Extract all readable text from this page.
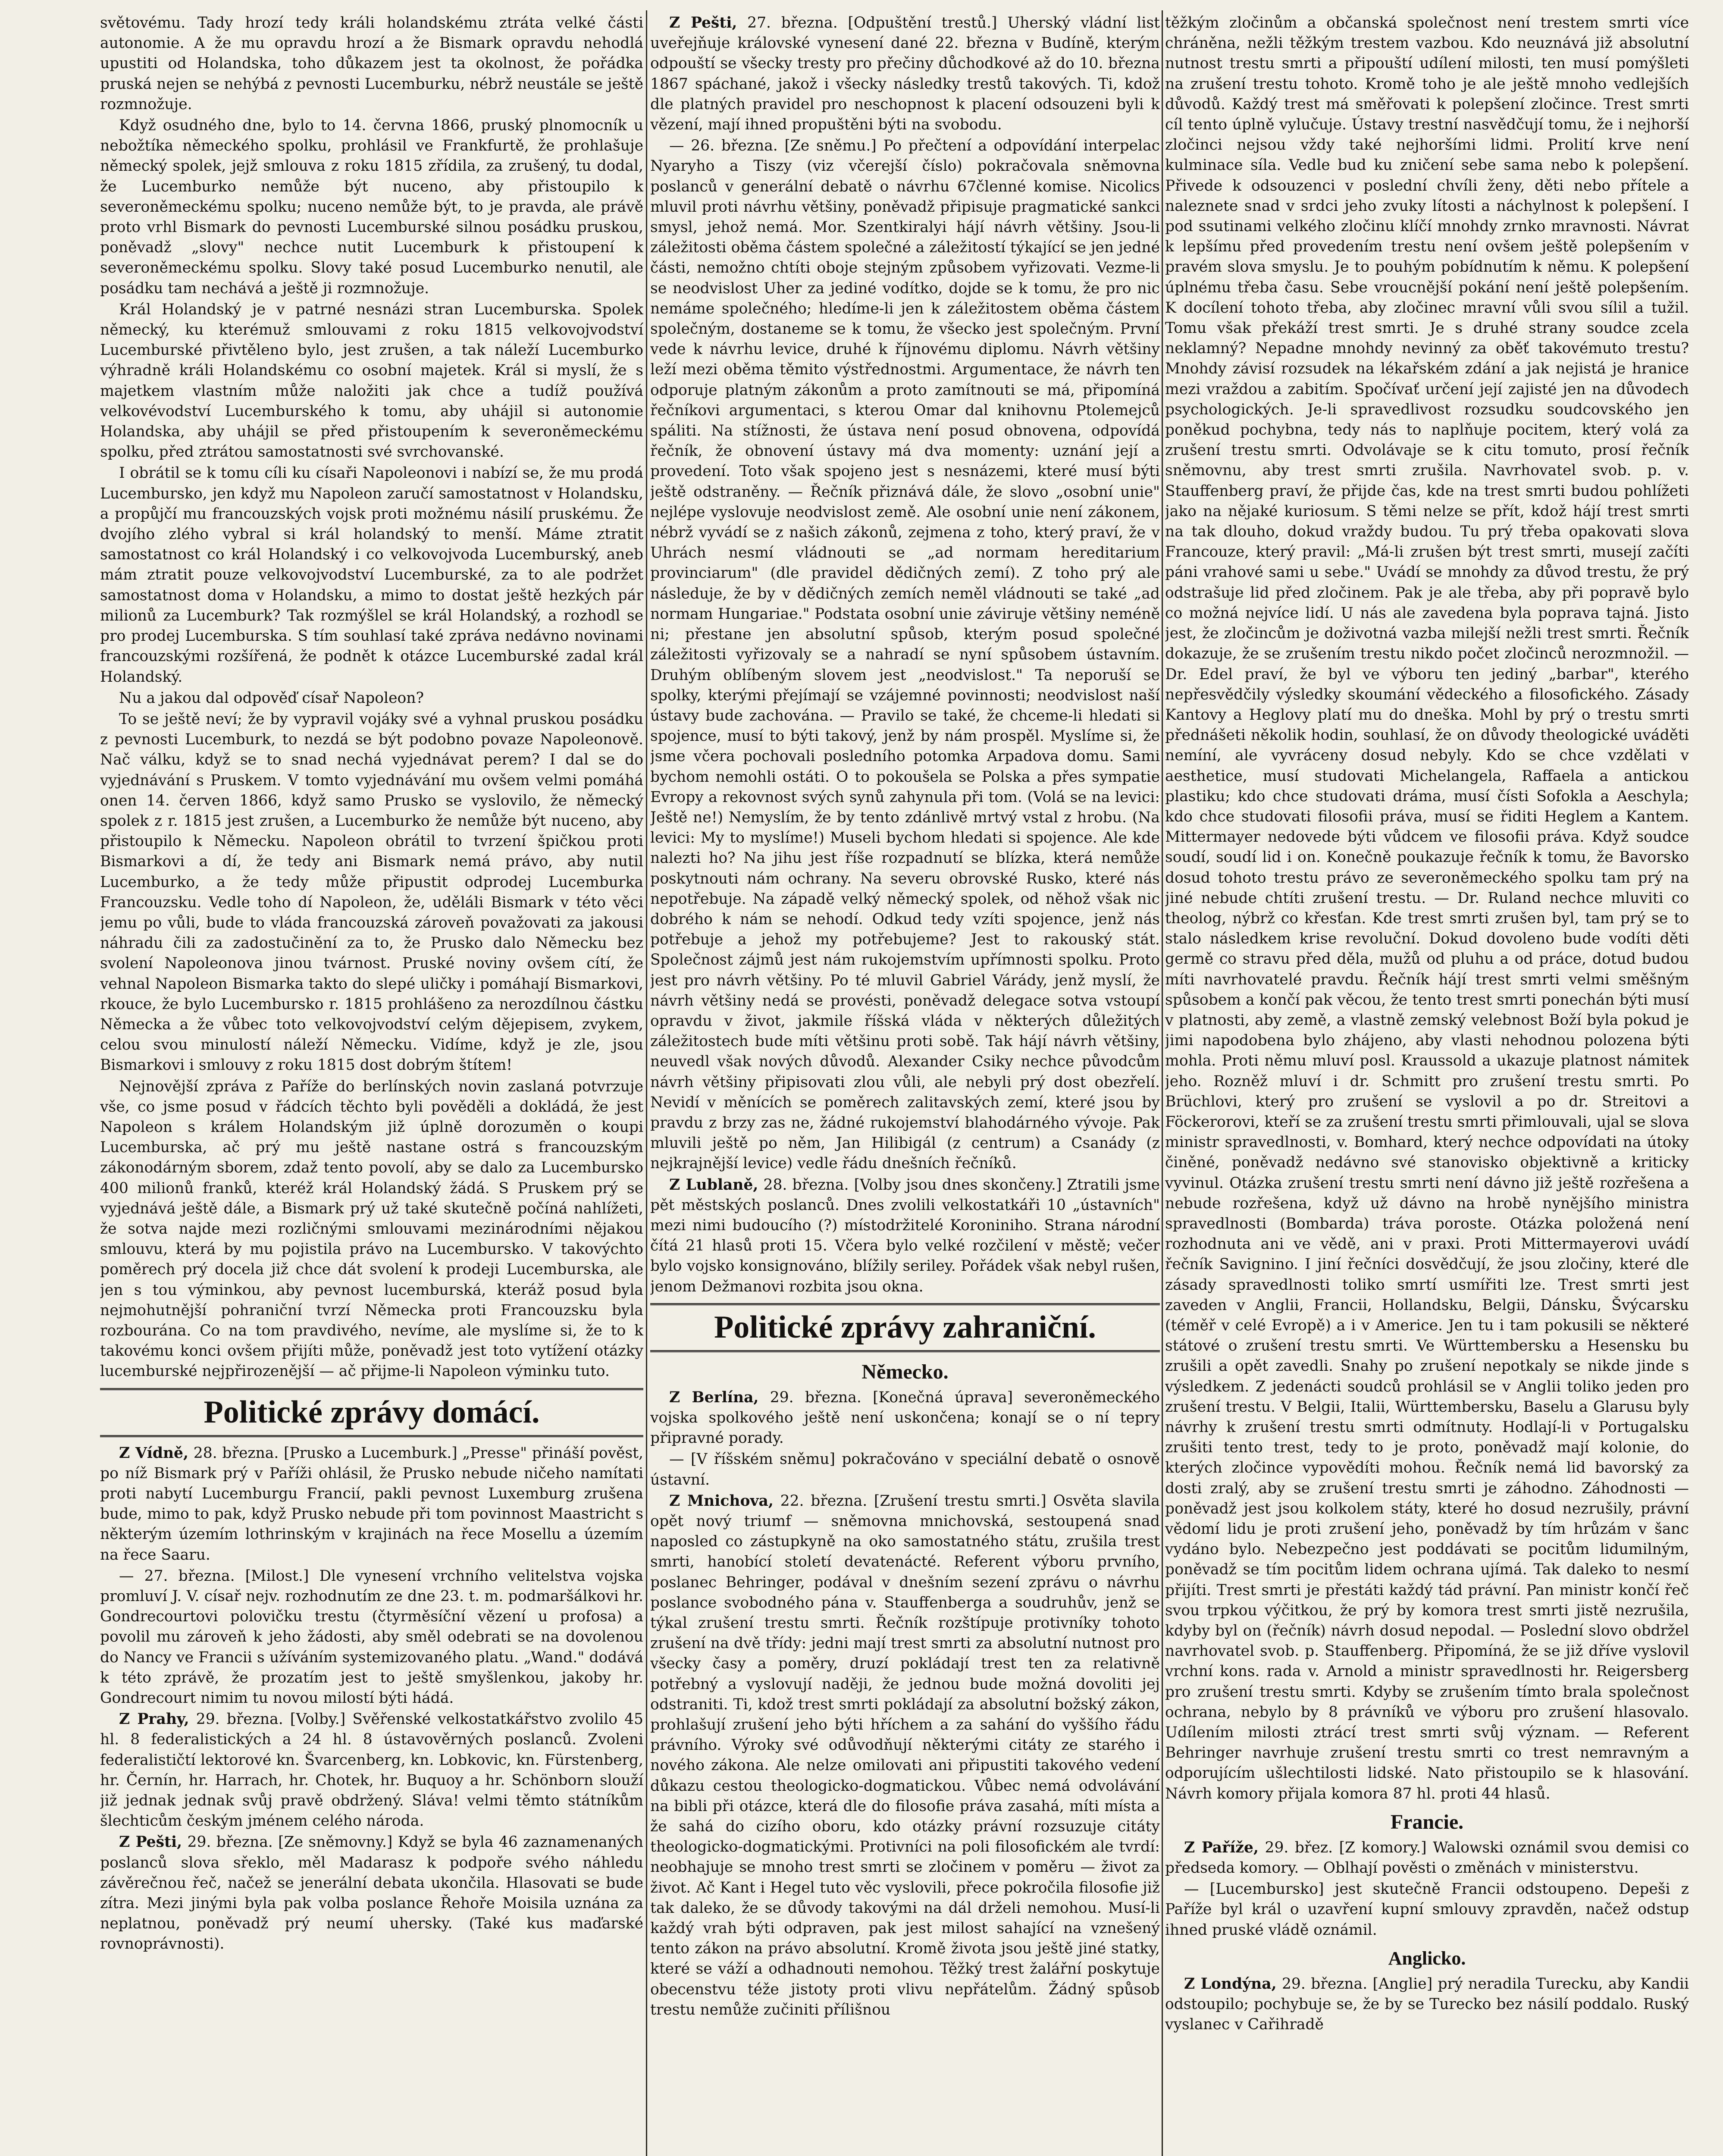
světovému. Tady hrozí tedy králi holandskému ztráta velké části autonomie. A že mu opravdu hrozí a že Bismark opravdu nehodlá upustiti od Holandska, toho důkazem jest ta okolnost, že pořádka pruská nejen se nehýbá z pevnosti Lucemburku, nébrž neustále se ještě rozmnožuje.

Když osudného dne, bylo to 14. června 1866, pruský plnomocník u nebožtíka německého spolku, prohlásil ve Frankfurtě, že prohlašuje německý spolek, jejž smlouva z roku 1815 zřídila, za zrušený, tu dodal, že Lucemburko nemůže být nuceno, aby přistoupilo k severoněmeckému spolku; nuceno nemůže být, to je pravda, ale právě proto vrhl Bismark do pevnosti Lucemburské silnou posádku pruskou, poněvadž „slovy" nechce nutit Lucemburk k přistoupení k severoněmeckému spolku. Slovy také posud Lucemburko nenutil, ale posádku tam nechává a ještě ji rozmnožuje.

Král Holandský je v patrné nesnázi stran Lucemburska. Spolek německý, ku kterémuž smlouvami z roku 1815 velkovojvodství Lucemburské přivtěleno bylo, jest zrušen, a tak náleží Lucemburko výhradně králi Holandskému co osobní majetek. Král si myslí, že s majetkem vlastním může naložiti jak chce a tudíž používá velkovévodství Lucemburského k tomu, aby uhájil si autonomie Holandska, aby uhájil se před přistoupením k severoněmeckému spolku, před ztrátou samostatnosti své svrchovanské.

I obrátil se k tomu cíli ku císaři Napoleonovi i nabízí se, že mu prodá Lucembursko, jen když mu Napoleon zaručí samostatnost v Holandsku, a propůjčí mu francouzských vojsk proti možnému násilí pruskému. Že dvojího zlého vybral si král holandský to menší. Máme ztratit samostatnost co král Holandský i co velkovojvoda Lucemburský, aneb mám ztratit pouze velkovojvodství Lucemburské, za to ale podržet samostatnost doma v Holandsku, a mimo to dostat ještě hezkých pár milionů za Lucemburk? Tak rozmýšlel se král Holandský, a rozhodl se pro prodej Lucemburska. S tím souhlasí také zpráva nedávno novinami francouzskými rozšířená, že podnět k otázce Lucemburské zadal král Holandský.

Nu a jakou dal odpověď císař Napoleon?

To se ještě neví; že by vypravil vojáky své a vyhnal pruskou posádku z pevnosti Lucemburk, to nezdá se být podobno povaze Napoleonově. Nač válku, když se to snad nechá vyjednávat perem? I dal se do vyjednávání s Pruskem. V tomto vyjednávání mu ovšem velmi pomáhá onen 14. červen 1866, když samo Prusko se vyslovilo, že německý spolek z r. 1815 jest zrušen, a Lucemburko že nemůže být nuceno, aby přistoupilo k Německu. Napoleon obrátil to tvrzení špičkou proti Bismarkovi a dí, že tedy ani Bismark nemá právo, aby nutil Lucemburko, a že tedy může připustit odprodej Lucemburka Francouzsku. Vedle toho dí Napoleon, že, uděláli Bismark v této věci jemu po vůli, bude to vláda francouzská zároveň považovati za jakousi náhradu čili za zadostučinění za to, že Prusko dalo Německu bez svolení Napoleonova jinou tvárnost. Pruské noviny ovšem cítí, že vehnal Napoleon Bismarka takto do slepé uličky i pomáhají Bismarkovi, rkouce, že bylo Lucembursko r. 1815 prohlášeno za nerozdílnou částku Německa a že vůbec toto velkovojvodství celým dějepisem, zvykem, celou svou minulostí náleží Německu. Vidíme, když je zle, jsou Bismarkovi i smlouvy z roku 1815 dost dobrým štítem!

Nejnovější zpráva z Paříže do berlínských novin zaslaná potvrzuje vše, co jsme posud v řádcích těchto byli pověděli a dokládá, že jest Napoleon s králem Holandským již úplně dorozuměn o koupi Lucemburska, ač prý mu ještě nastane ostrá s francouzským zákonodárným sborem, zdaž tento povolí, aby se dalo za Lucembursko 400 milionů franků, kteréž král Holandský žádá. S Pruskem prý se vyjednává ještě dále, a Bismark prý už také skutečně počíná nahlížeti, že sotva najde mezi rozličnými smlouvami mezinárodními nějakou smlouvu, která by mu pojistila právo na Lucembursko. V takovýchto poměrech prý docela již chce dát svolení k prodeji Lucemburska, ale jen s tou výminkou, aby pevnost lucemburská, kteráž posud byla nejmohutnější pohraniční tvrzí Německa proti Francouzsku byla rozbourána. Co na tom pravdivého, nevíme, ale myslíme si, že to k takovému konci ovšem přijíti může, poněvadž jest toto vytížení otázky lucemburské nejpřirozenější — ač přijme-li Napoleon výminku tuto.

Politické zprávy domácí.

Z Vídně, 28. března. [Prusko a Lucemburk.] „Presse" přináší pověst, po níž Bismark prý v Paříži ohlásil, že Prusko nebude ničeho namítati proti nabytí Lucemburgu Francií, pakli pevnost Luxemburg zrušena bude, mimo to pak, když Prusko nebude při tom povinnost Maastricht s některým územím lothrinským v krajinách na řece Mosellu a územím na řece Saaru.

— 27. března. [Milost.] Dle vynesení vrchního velitelstva vojska promluví J. V. císař nejv. rozhodnutím ze dne 23. t. m. podmaršálkovi hr. Gondrecourtovi polovičku trestu (čtyrměsíční vězení u profosa) a povolil mu zároveň k jeho žádosti, aby směl odebrati se na dovolenou do Nancy ve Francii s užíváním systemizovaného platu. „Wand." dodává k této zprávě, že prozatím jest to ještě smyšlenkou, jakoby hr. Gondrecourt nimim tu novou milostí býti hádá.

Z Prahy, 29. března. [Volby.] Svěřenské velkostatkářstvo zvolilo 45 hl. 8 federalistických a 24 hl. 8 ústavověrných poslanců. Zvoleni federalističtí lektorové kn. Švarcenberg, kn. Lobkovic, kn. Fürstenberg, hr. Černín, hr. Harrach, hr. Chotek, hr. Buquoy a hr. Schönborn slouží již jednak jednak svůj pravě obdržený. Sláva! velmi těmto státníkům šlechticům českým jménem celého národa.

Z Pešti, 29. března. [Ze sněmovny.] Když se byla 46 zaznamenaných poslanců slova sřeklo, měl Madarasz k podpoře svého náhledu závěrečnou řeč, načež se jenerální debata ukončila. Hlasovati se bude zítra. Mezi jinými byla pak volba poslance Řehoře Moisila uznána za neplatnou, poněvadž prý neumí uhersky. (Také kus maďarské rovnoprávnosti).

Z Pešti, 27. března. [Odpuštění trestů.] Uherský vládní list uveřejňuje královské vynesení dané 22. března v Budíně, kterým odpouští se všecky tresty pro přečiny důchodkové až do 10. března 1867 spáchané, jakož i všecky následky trestů takových. Ti, kdož dle platných pravidel pro neschopnost k placení odsouzeni byli k vězení, mají ihned propuštěni býti na svobodu.

— 26. března. [Ze sněmu.] Po přečtení a odpovídání interpelac Nyaryho a Tiszy (viz včerejší číslo) pokračovala sněmovna poslanců v generální debatě o návrhu 67členné komise. Nicolics mluvil proti návrhu většiny, poněvadž připisuje pragmatické sankci smysl, jehož nemá. Mor. Szentkiralyi hájí návrh většiny. Jsou-li záležitosti oběma částem společné a záležitostí týkající se jen jedné části, nemožno chtíti oboje stejným způsobem vyřizovati. Vezme-li se neodvislost Uher za jediné vodítko, dojde se k tomu, že pro nic nemáme společného; hledíme-li jen k záležitostem oběma částem společným, dostaneme se k tomu, že všecko jest společným. První vede k návrhu levice, druhé k říjnovému diplomu. Návrh většiny leží mezi oběma těmito výstřednostmi. Argumentace, že návrh ten odporuje platným zákonům a proto zamítnouti se má, připomíná řečníkovi argumentaci, s kterou Omar dal knihovnu Ptolemejců spáliti. Na stížnosti, že ústava není posud obnovena, odpovídá řečník, že obnovení ústavy má dva momenty: uznání její a provedení. Toto však spojeno jest s nesnázemi, které musí býti ještě odstraněny. — Řečník přiznává dále, že slovo „osobní unie" nejlépe vyslovuje neodvislost země. Ale osobní unie není zákonem, nébrž vyvádí se z našich zákonů, zejmena z toho, který praví, že v Uhrách nesmí vládnouti se „ad normam hereditarium provinciarum" (dle pravidel dědičných zemí). Z toho prý ale následuje, že by v dědičných zemích neměl vládnouti se také „ad normam Hungariae." Podstata osobní unie záviruje většiny neméně ni; přestane jen absolutní spůsob, kterým posud společné záležitosti vyřizovaly se a nahradí se nyní spůsobem ústavním. Druhým oblíbeným slovem jest „neodvislost." Ta neporuší se spolky, kterými přejímají se vzájemné povinnosti; neodvislost naší ústavy bude zachována. — Pravilo se také, že chceme-li hledati si spojence, musí to býti takový, jenž by nám prospěl. Myslíme si, že jsme včera pochovali posledního potomka Arpadova domu. Sami bychom nemohli ostáti. O to pokoušela se Polska a přes sympatie Evropy a rekovnost svých synů zahynula při tom. (Volá se na levici: Ještě ne!) Nemyslím, že by tento zdánlivě mrtvý vstal z hrobu. (Na levici: My to myslíme!) Museli bychom hledati si spojence. Ale kde nalezti ho? Na jihu jest říše rozpadnutí se blízka, která nemůže poskytnouti nám ochrany. Na severu obrovské Rusko, které nás nepotřebuje. Na západě velký německý spolek, od něhož však nic dobrého k nám se nehodí. Odkud tedy vzíti spojence, jenž nás potřebuje a jehož my potřebujeme? Jest to rakouský stát. Společnost zájmů jest nám rukojemstvím upřímnosti spolku. Proto jest pro návrh většiny. Po té mluvil Gabriel Várády, jenž myslí, že návrh většiny nedá se provésti, poněvadž delegace sotva vstoupí opravdu v život, jakmile říšská vláda v některých důležitých záležitostech bude míti většinu proti sobě. Tak hájí návrh většiny, neuvedl však nových důvodů. Alexander Csiky nechce původcům návrh většiny připisovati zlou vůli, ale nebyli prý dost obezřelí. Nevidí v měnících se poměrech zalitavských zemí, které jsou by pravdu z brzy zas ne, žádné rukojemství blahodárného vývoje. Pak mluvili ještě po něm, Jan Hilibigál (z centrum) a Csanády (z nejkrajnější levice) vedle řádu dnešních řečníků.

Z Lublaně, 28. března. [Volby jsou dnes skončeny.] Ztratili jsme pět městských poslanců. Dnes zvolili velkostatkáři 10 „ústavních" mezi nimi budoucího (?) místodržitelé Koroniniho. Strana národní čítá 21 hlasů proti 15. Včera bylo velké rozčilení v městě; večer bylo vojsko konsignováno, blížily seriley. Pořádek však nebyl rušen, jenom Dežmanovi rozbita jsou okna.

Politické zprávy zahraniční.
Německo.

Z Berlína, 29. března. [Konečná úprava] severoněmeckého vojska spolkového ještě není uskončena; konají se o ní tepry připravné porady.

— [V říšském sněmu] pokračováno v speciální debatě o osnově ústavní.

Z Mnichova, 22. března. [Zrušení trestu smrti.] Osvěta slavila opět nový triumf — sněmovna mnichovská, sestoupená snad naposled co zástupkyně na oko samostatného státu, zrušila trest smrti, hanobící století devatenácté. Referent výboru prvního, poslanec Behringer, podával v dnešním sezení zprávu o návrhu poslance svobodného pána v. Stauffenberga a soudruhův, jenž se týkal zrušení trestu smrti. Řečník rozštípuje protivníky tohoto zrušení na dvě třídy: jedni mají trest smrti za absolutní nutnost pro všecky časy a poměry, druzí pokládají trest ten za relativně potřebný a vyslovují naději, že jednou bude možná dovoliti jej odstraniti. Ti, kdož trest smrti pokládají za absolutní božský zákon, prohlašují zrušení jeho býti hříchem a za sahání do vyššího řádu právního. Výroky své odůvodňují některými citáty ze starého i nového zákona. Ale nelze omilovati ani připustiti takového vedení důkazu cestou theologicko-dogmatickou. Vůbec nemá odvolávání na bibli při otázce, která dle do filosofie práva zasahá, míti místa a že sahá do cizího oboru, kdo otázky právní rozsuzuje citáty theologicko-dogmatickými. Protivníci na poli filosofickém ale tvrdí: neobhajuje se mnoho trest smrti se zločinem v poměru — život za život. Ač Kant i Hegel tuto věc vyslovili, přece pokročila filosofie již tak daleko, že se důvody takovými na dál drželi nemohou. Musí-li každý vrah býti odpraven, pak jest milost sahající na vznešený tento zákon na právo absolutní. Kromě života jsou ještě jiné statky, které se váží a odhadnouti nemohou. Těžký trest žalářní poskytuje obecenstvu téže jistoty proti vlivu nepřátelům. Žádný spůsob trestu nemůže zučiniti přílišnou

těžkým zločinům a občanská společnost není trestem smrti více chráněna, nežli těžkým trestem vazbou. Kdo neuznává již absolutní nutnost trestu smrti a připouští udílení milosti, ten musí pomýšleti na zrušení trestu tohoto. Kromě toho je ale ještě mnoho vedlejších důvodů. Každý trest má směřovati k polepšení zločince. Trest smrti cíl tento úplně vylučuje. Ústavy trestní nasvědčují tomu, že i nejhorší zločinci nejsou vždy také nejhoršími lidmi. Prolití krve není kulminace síla. Vedle bud ku zničení sebe sama nebo k polepšení. Přivede k odsouzenci v poslední chvíli ženy, děti nebo přítele a naleznete snad v srdci jeho zvuky lítosti a náchylnost k polepšení. I pod ssutinami velkého zločinu klíčí mnohdy zrnko mravnosti. Návrat k lepšímu před provedením trestu není ovšem ještě polepšením v pravém slova smyslu. Je to pouhým pobídnutím k němu. K polepšení úplnému třeba času. Sebe vroucnější pokání není ještě polepšením. K docílení tohoto třeba, aby zločinec mravní vůli svou sílil a tužil. Tomu však překáží trest smrti. Je s druhé strany soudce zcela neklamný? Nepadne mnohdy nevinný za oběť takovémuto trestu? Mnohdy závisí rozsudek na lékařském zdání a jak nejistá je hranice mezi vraždou a zabitím. Spočívať určení její zajisté jen na důvodech psychologických. Je-li spravedlivost rozsudku soudcovského jen poněkud pochybna, tedy nás to naplňuje pocitem, který volá za zrušení trestu smrti. Odvolávaje se k citu tomuto, prosí řečník sněmovnu, aby trest smrti zrušila. Navrhovatel svob. p. v. Stauffenberg praví, že přijde čas, kde na trest smrti budou pohlížeti jako na nějaké kuriosum. S těmi nelze se přít, kdož hájí trest smrti na tak dlouho, dokud vraždy budou. Tu prý třeba opakovati slova Francouze, který pravil: „Má-li zrušen být trest smrti, musejí začíti páni vrahové sami u sebe." Uvádí se mnohdy za důvod trestu, že prý odstrašuje lid před zločinem. Pak je ale třeba, aby při popravě bylo co možná nejvíce lidí. U nás ale zavedena byla poprava tajná. Jisto jest, že zločincům je doživotná vazba milejší nežli trest smrti. Řečník dokazuje, že se zrušením trestu nikdo počet zločinců nerozmnožil. — Dr. Edel praví, že byl ve výboru ten jediný „barbar", kterého nepřesvědčily výsledky skoumání vědeckého a filosofického. Zásady Kantovy a Heglovy platí mu do dneška. Mohl by prý o trestu smrti přednášeti několik hodin, souhlasí, že on důvody theologické uváděti nemíní, ale vyvráceny dosud nebyly. Kdo se chce vzdělati v aesthetice, musí studovati Michelangela, Raffaela a antickou plastiku; kdo chce studovati dráma, musí čísti Sofokla a Aeschyla; kdo chce studovati filosofii práva, musí se řiditi Heglem a Kantem. Mittermayer nedovede býti vůdcem ve filosofii práva. Když soudce soudí, soudí lid i on. Konečně poukazuje řečník k tomu, že Bavorsko dosud tohoto trestu právo ze severoněmeckého spolku tam prý na jiné nebude chtíti zrušení trestu. — Dr. Ruland nechce mluviti co theolog, nýbrž co křesťan. Kde trest smrti zrušen byl, tam prý se to stalo následkem krise revoluční. Dokud dovoleno bude vodíti děti germě co stravu před děla, mužů od pluhu a od práce, dotud budou míti navrhovatelé pravdu. Řečník hájí trest smrti velmi směšným spůsobem a končí pak věcou, že tento trest smrti ponechán býti musí v platnosti, aby země, a vlastně zemský velebnost Boží byla pokud je jimi napodobena bylo zhájeno, aby vlasti nehodnou polozena býti mohla. Proti němu mluví posl. Kraussold a ukazuje platnost námitek jeho. Rozněž mluví i dr. Schmitt pro zrušení trestu smrti. Po Brüchlovi, který pro zrušení se vyslovil a po dr. Streitovi a Föckerorovi, kteří se za zrušení trestu smrti přimlouvali, ujal se slova ministr spravedlnosti, v. Bomhard, který nechce odpovídati na útoky činěné, poněvadž nedávno své stanovisko objektivně a kriticky vyvinul. Otázka zrušení trestu smrti není dávno již ještě rozřešena a nebude rozřešena, když už dávno na hrobě nynějšího ministra spravedlnosti (Bombarda) tráva poroste. Otázka položená není rozhodnuta ani ve vědě, ani v praxi. Proti Mittermayerovi uvádí řečník Savignino. I jiní řečníci dosvědčují, že jsou zločiny, které dle zásady spravedlnosti toliko smrtí usmířiti lze. Trest smrti jest zaveden v Anglii, Francii, Hollandsku, Belgii, Dánsku, Švýcarsku (téměř v celé Evropě) a i v Americe. Jen tu i tam pokusili se některé státové o zrušení trestu smrti. Ve Württembersku a Hesensku bu zrušili a opět zavedli. Snahy po zrušení nepotkaly se nikde jinde s výsledkem. Z jedenácti soudců prohlásil se v Anglii toliko jeden pro zrušení trestu. V Belgii, Italii, Württembersku, Baselu a Glarusu byly návrhy k zrušení trestu smrti odmítnuty. Hodlají-li v Portugalsku zrušiti tento trest, tedy to je proto, poněvadž mají kolonie, do kterých zločince vypovědíti mohou. Řečník nemá lid bavorský za dosti zralý, aby se zrušení trestu smrti je záhodno. Záhodnosti — poněvadž jest jsou kolkolem státy, které ho dosud nezrušily, právní vědomí lidu je proti zrušení jeho, poněvadž by tím hrůzám v šanc vydáno bylo. Nebezpečno jest poddávati se pocitům lidumilným, poněvadž se tím pocitům lidem ochrana ujímá. Tak daleko to nesmí přijíti. Trest smrti je přestáti každý tád právní. Pan ministr končí řeč svou trpkou výčitkou, že prý by komora trest smrti jistě nezrušila, kdyby byl on (řečník) návrh dosud nepodal. — Poslední slovo obdržel navrhovatel svob. p. Stauffenberg. Připomíná, že se již dříve vyslovil vrchní kons. rada v. Arnold a ministr spravedlnosti hr. Reigersberg pro zrušení trestu smrti. Kdyby se zrušením tímto brala společnost ochrana, nebylo by 8 právníků ve výboru pro zrušení hlasovalo. Udílením milosti ztrácí trest smrti svůj význam. — Referent Behringer navrhuje zrušení trestu smrti co trest nemravným a odporujícím ušlechtilosti lidské. Nato přistoupilo se k hlasování. Návrh komory přijala komora 87 hl. proti 44 hlasů.

Francie.

Z Paříže, 29. břez. [Z komory.] Walowski oznámil svou demisi co předseda komory. — Oblhají pověsti o změnách v ministerstvu.

— [Lucembursko] jest skutečně Francii odstoupeno. Depeši z Paříže byl král o uzavření kupní smlouvy zpravděn, načež odstup ihned pruské vládě oznámil.

Anglicko.

Z Londýna, 29. března. [Anglie] prý neradila Turecku, aby Kandii odstoupilo; pochybuje se, že by se Turecko bez násilí poddalo. Ruský vyslanec v Cařihradě
